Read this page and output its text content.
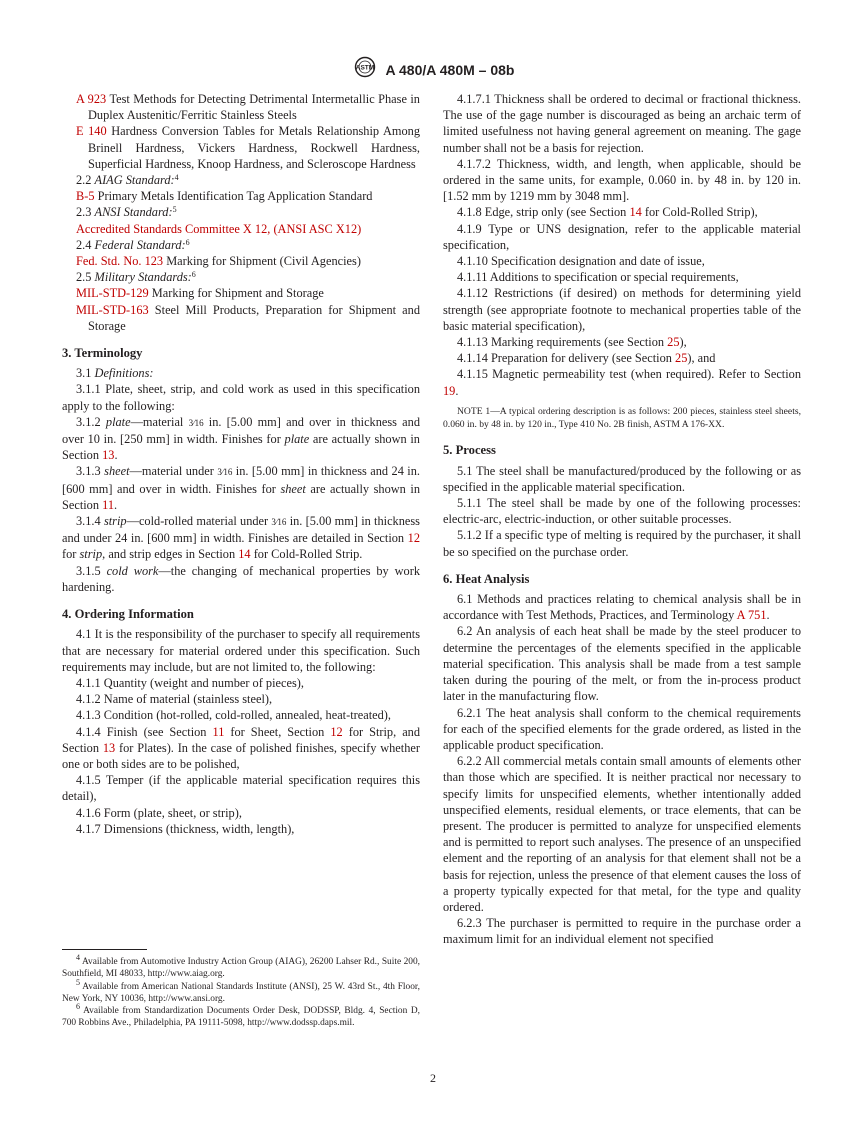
ASTM A 480/A 480M – 08b

A 923 Test Methods for Detecting Detrimental Intermetallic Phase in Duplex Austenitic/Ferritic Stainless Steels

E 140 Hardness Conversion Tables for Metals Relationship Among Brinell Hardness, Vickers Hardness, Rockwell Hardness, Superficial Hardness, Knoop Hardness, and Scleroscope Hardness

2.2 AIAG Standard:$^4$

B-5 Primary Metals Identification Tag Application Standard

2.3 ANSI Standard:$^5$

Accredited Standards Committee X 12, (ANSI ASC X12)

2.4 Federal Standard:$^6$

Fed. Std. No. 123 Marking for Shipment (Civil Agencies)

2.5 Military Standards:$^6$

MIL-STD-129 Marking for Shipment and Storage

MIL-STD-163 Steel Mill Products, Preparation for Shipment and Storage

3. Terminology

3.1 Definitions:

3.1.1 Plate, sheet, strip, and cold work as used in this specification apply to the following:

3.1.2 plate—material 3⁄16 in. [5.00 mm] and over in thickness and over 10 in. [250 mm] in width. Finishes for plate are actually shown in Section 13.

3.1.3 sheet—material under 3⁄16 in. [5.00 mm] in thickness and 24 in. [600 mm] and over in width. Finishes for sheet are actually shown in Section 11.

3.1.4 strip—cold-rolled material under 3⁄16 in. [5.00 mm] in thickness and under 24 in. [600 mm] in width. Finishes are detailed in Section 12 for strip, and strip edges in Section 14 for Cold-Rolled Strip.

3.1.5 cold work—the changing of mechanical properties by work hardening.

4. Ordering Information

4.1 It is the responsibility of the purchaser to specify all requirements that are necessary for material ordered under this specification. Such requirements may include, but are not limited to, the following:

4.1.1 Quantity (weight and number of pieces),

4.1.2 Name of material (stainless steel),

4.1.3 Condition (hot-rolled, cold-rolled, annealed, heat-treated),

4.1.4 Finish (see Section 11 for Sheet, Section 12 for Strip, and Section 13 for Plates). In the case of polished finishes, specify whether one or both sides are to be polished,

4.1.5 Temper (if the applicable material specification requires this detail),

4.1.6 Form (plate, sheet, or strip),

4.1.7 Dimensions (thickness, width, length),

$^4$ Available from Automotive Industry Action Group (AIAG), 26200 Lahser Rd., Suite 200, Southfield, MI 48033, http://www.aiag.org.

$^5$ Available from American National Standards Institute (ANSI), 25 W. 43rd St., 4th Floor, New York, NY 10036, http://www.ansi.org.

$^6$ Available from Standardization Documents Order Desk, DODSSP, Bldg. 4, Section D, 700 Robbins Ave., Philadelphia, PA 19111-5098, http://www.dodssp.daps.mil.

4.1.7.1 Thickness shall be ordered to decimal or fractional thickness. The use of the gage number is discouraged as being an archaic term of limited usefulness not having general agreement on meaning. The gage number shall not be a basis for rejection.

4.1.7.2 Thickness, width, and length, when applicable, should be ordered in the same units, for example, 0.060 in. by 48 in. by 120 in. [1.52 mm by 1219 mm by 3048 mm].

4.1.8 Edge, strip only (see Section 14 for Cold-Rolled Strip),

4.1.9 Type or UNS designation, refer to the applicable material specification,

4.1.10 Specification designation and date of issue,

4.1.11 Additions to specification or special requirements,

4.1.12 Restrictions (if desired) on methods for determining yield strength (see appropriate footnote to mechanical properties table of the basic material specification),

4.1.13 Marking requirements (see Section 25),

4.1.14 Preparation for delivery (see Section 25), and

4.1.15 Magnetic permeability test (when required). Refer to Section 19.

NOTE 1—A typical ordering description is as follows: 200 pieces, stainless steel sheets, 0.060 in. by 48 in. by 120 in., Type 410 No. 2B finish, ASTM A 176-XX.

5. Process

5.1 The steel shall be manufactured/produced by the following or as specified in the applicable material specification.

5.1.1 The steel shall be made by one of the following processes: electric-arc, electric-induction, or other suitable processes.

5.1.2 If a specific type of melting is required by the purchaser, it shall be so specified on the purchase order.

6. Heat Analysis

6.1 Methods and practices relating to chemical analysis shall be in accordance with Test Methods, Practices, and Terminology A 751.

6.2 An analysis of each heat shall be made by the steel producer to determine the percentages of the elements specified in the applicable material specification. This analysis shall be made from a test sample taken during the pouring of the melt, or from the in-process product later in the manufacturing flow.

6.2.1 The heat analysis shall conform to the chemical requirements for each of the specified elements for the grade ordered, as listed in the applicable product specification.

6.2.2 All commercial metals contain small amounts of elements other than those which are specified. It is neither practical nor necessary to specify limits for unspecified elements, whether intentionally added unspecified elements, residual elements, or trace elements, that can be present. The producer is permitted to analyze for unspecified elements and is permitted to report such analyses. The presence of an unspecified element and the reporting of an analysis for that element shall not be a basis for rejection, unless the presence of that element causes the loss of a property typically expected for that metal, for the type and quality ordered.

6.2.3 The purchaser is permitted to require in the purchase order a maximum limit for an individual element not specified

2
